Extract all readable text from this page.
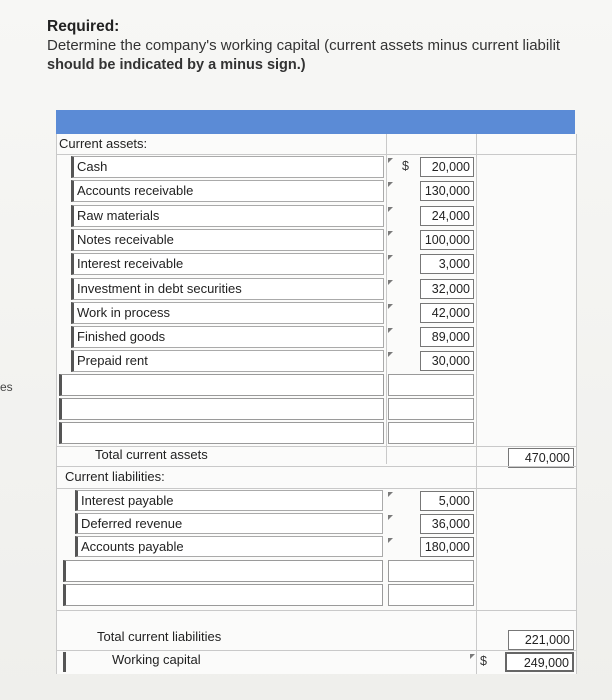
Required:
Determine the company's working capital (current assets minus current liabilit
should be indicated by a minus sign.)
es
Current assets:
Cash	$	20,000
Accounts receivable	130,000
Raw materials	24,000
Notes receivable	100,000
Interest receivable	3,000
Investment in debt securities	32,000
Work in process	42,000
Finished goods	89,000
Prepaid rent	30,000
Total current assets	470,000
Current liabilities:
Interest payable	5,000
Deferred revenue	36,000
Accounts payable	180,000
Total current liabilities	221,000
Working capital	$	249,000
